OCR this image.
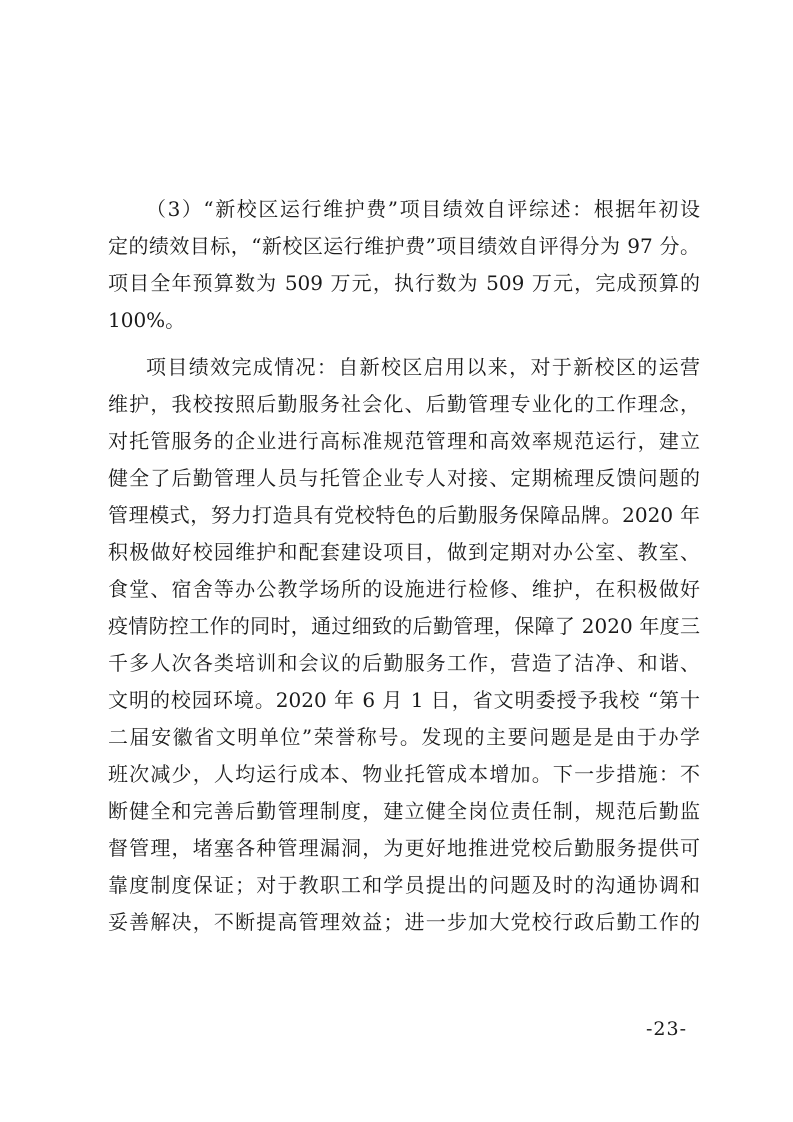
（3）“新校区运行维护费”项目绩效自评综述：根据年初设
定的绩效目标，“新校区运行维护费”项目绩效自评得分为 97 分。
项目全年预算数为 509 万元，执行数为 509 万元，完成预算的
100%。
项目绩效完成情况：自新校区启用以来，对于新校区的运营
维护，我校按照后勤服务社会化、后勤管理专业化的工作理念，
对托管服务的企业进行高标准规范管理和高效率规范运行，建立
健全了后勤管理人员与托管企业专人对接、定期梳理反馈问题的
管理模式，努力打造具有党校特色的后勤服务保障品牌。2020 年
积极做好校园维护和配套建设项目，做到定期对办公室、教室、
食堂、宿舍等办公教学场所的设施进行检修、维护，在积极做好
疫情防控工作的同时，通过细致的后勤管理，保障了 2020 年度三
千多人次各类培训和会议的后勤服务工作，营造了洁净、和谐、
文明的校园环境。2020 年 6 月 1 日，省文明委授予我校 “第十
二届安徽省文明单位”荣誉称号。发现的主要问题是是由于办学
班次减少，人均运行成本、物业托管成本增加。下一步措施：不
断健全和完善后勤管理制度，建立健全岗位责任制，规范后勤监
督管理，堵塞各种管理漏洞，为更好地推进党校后勤服务提供可
靠度制度保证；对于教职工和学员提出的问题及时的沟通协调和
妥善解决，不断提高管理效益；进一步加大党校行政后勤工作的
-23-
